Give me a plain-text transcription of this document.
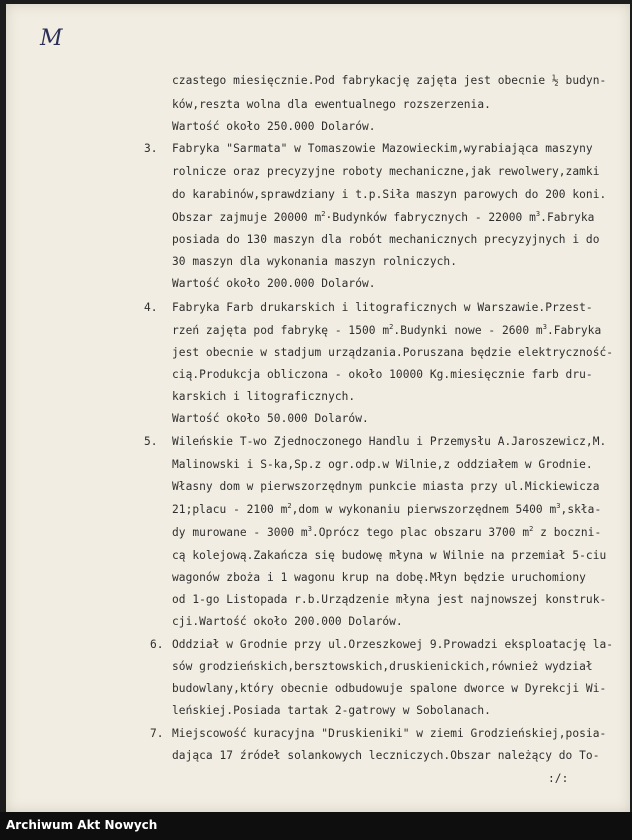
M
czastego miesięcznie.Pod fabrykację zajęta jest obecnie ½ budyn-
ków,reszta wolna dla ewentualnego rozszerzenia.
Wartość około 250.000 Dolarów.
3. Fabryka "Sarmata" w Tomaszowie Mazowieckim,wyrabiająca maszyny
rolnicze oraz precyzyjne roboty mechaniczne,jak rewolwery,zamki
do karabinów,sprawdziany i t.p.Siła maszyn parowych do 200 koni.
Obszar zajmuje 20000 $m^2\cdot Budynków$ fabrycznych - 22000 $m^3.Fabryka$
posiada do 130 maszyn dla robót mechanicznych precyzyjnych i do
30 maszyn dla wykonania maszyn rolniczych.
Wartość około 200.000 Dolarów.
4. Fabryka Farb drukarskich i litograficznych w Warszawie.Przest-
rzeń zajęta pod fabrykę - 1500 $m^2.Budynki$ nowe - 2600 $m^3.Fabryka$
jest obecnie w stadjum urządzania.Poruszana będzie elektryczność-
cią.Produkcja obliczona - około 10000 Kg.miesięcznie farb dru-
karskich i litograficznych.
Wartość około 50.000 Dolarów.
5. Wileńskie T-wo Zjednoczonego Handlu i Przemysłu A.Jaroszewicz,M.
Malinowski i S-ka,Sp.z ogr.odp.w Wilnie,z oddziałem w Grodnie.
Własny dom w pierwszorzędnym punkcie miasta przy ul.Mickiewicza
21;placu - 2100 $m^2,dom$ w wykonaniu pierwszorzędnem 5400 $m^3,skła-$
dy murowane - 3000 $m^3.Oprócz$ tego plac obszaru 3700 $m^2$ z boczni-
cą kolejową.Zakańcza się budowę młyna w Wilnie na przemiał 5-ciu
wagonów zboża i 1 wagonu krup na dobę.Młyn będzie uruchomiony
od 1-go Listopada r.b.Urządzenie młyna jest najnowszej konstruk-
cji.Wartość około 200.000 Dolarów.
6. Oddział w Grodnie przy ul.Orzeszkowej 9.Prowadzi eksploatację la-
sów grodzieńskich,bersztowskich,druskienickich,również wydział
budowlany,który obecnie odbudowuje spalone dworce w Dyrekcji Wi-
leńskiej.Posiada tartak 2-gatrowy w Sobolanach.
7. Miejscowość kuracyjna "Druskieniki" w ziemi Grodzieńskiej,posia-
dająca 17 źródeł solankowych leczniczych.Obszar należący do To-
:/:
Archiwum Akt Nowych
